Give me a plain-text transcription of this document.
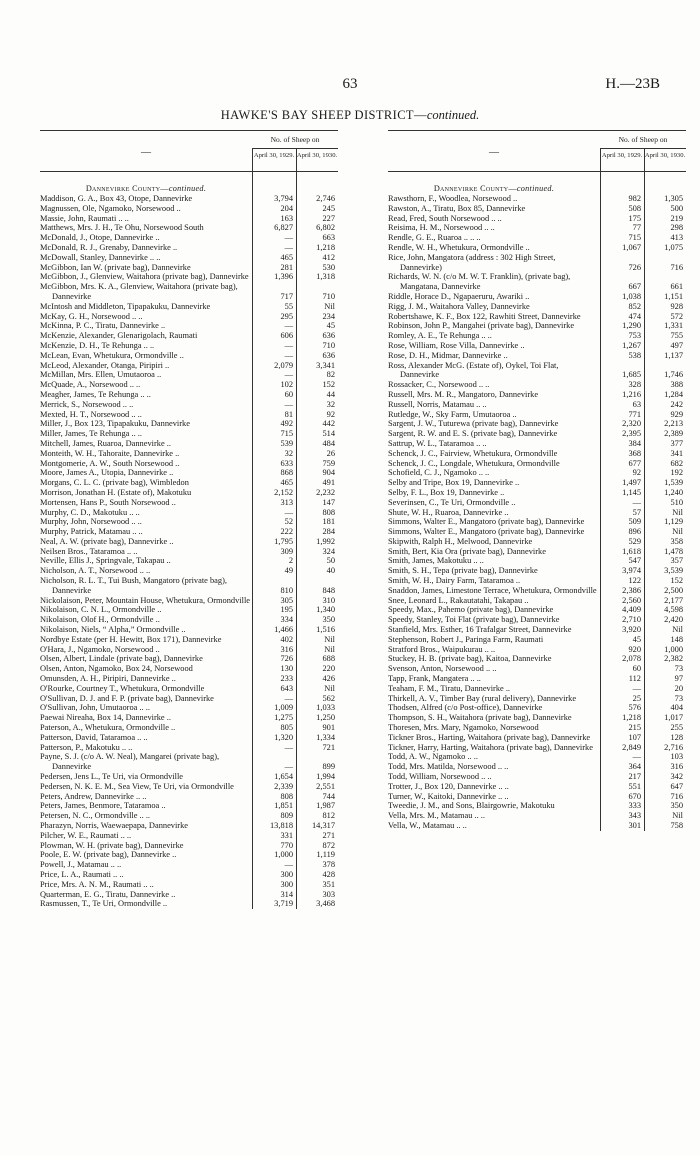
63	H.—23B
HAWKE'S BAY SHEEP DISTRICT—continued.
—
No. of Sheep on
April 30, 1929. April 30, 1930.
Dannevirke County—continued.
Maddison, G. A., Box 43, Otope, Dannevirke	3,794	2,746
Magnussen, Ole, Ngamoko, Norsewood ..	204	245
Massie, John, Raumati .. ..	163	227
Matthews, Mrs. J. H., Te Ohu, Norsewood South	6,827	6,802
McDonald, J., Otope, Dannevirke ..	—	663
McDonald, R. J., Grenaby, Dannevirke ..	—	1,218
McDowall, Stanley, Dannevirke .. ..	465	412
McGibbon, Ian W. (private bag), Dannevirke	281	530
McGibbon, J., Glenview, Waitahora (private bag), Dannevirke	1,396	1,318
McGibbon, Mrs. K. A., Glenview, Waitahora (private bag), Dannevirke	717	710
McIntosh and Middleton, Tipapakuku, Dannevirke	55	Nil
McKay, G. H., Norsewood .. ..	295	234
McKinna, P. C., Tiratu, Dannevirke ..	—	45
McKenzie, Alexander, Glenarigolach, Raumati	606	636
McKenzie, D. H., Te Rehunga .. ..	—	710
McLean, Evan, Whetukura, Ormondville ..	—	636
McLeod, Alexander, Otanga, Piripiri ..	2,079	3,341
McMillan, Mrs. Ellen, Umutaoroa ..	—	82
McQuade, A., Norsewood .. ..	102	152
Meagher, James, Te Rehunga .. ..	60	44
Merrick, S., Norsewood .. ..	—	32
Mexted, H. T., Norsewood .. ..	81	92
Miller, J., Box 123, Tipapakuku, Dannevirke	492	442
Miller, James, Te Rehunga .. ..	715	514
Mitchell, James, Ruaroa, Dannevirke ..	539	484
Monteith, W. H., Tahoraite, Dannevirke ..	32	26
Montgomerie, A. W., South Norsewood ..	633	759
Moore, James A., Utopia, Dannevirke ..	868	904
Morgans, C. L. C. (private bag), Wimbledon	465	491
Morrison, Jonathan H. (Estate of), Makotuku	2,152	2,232
Mortensen, Hans P., South Norsewood ..	313	147
Murphy, C. D., Makotuku .. ..	—	808
Murphy, John, Norsewood .. ..	52	181
Murphy, Patrick, Matamau .. ..	222	284
Neal, A. W. (private bag), Dannevirke ..	1,795	1,992
Neilsen Bros., Tataramoa .. ..	309	324
Neville, Ellis J., Springvale, Takapau ..	2	50
Nicholson, A. T., Norsewood .. ..	49	40
Nicholson, R. L. T., Tui Bush, Mangatoro (private bag), Dannevirke	810	848
Nickolaison, Peter, Mountain House, Whetukura, Ormondville	305	310
Nikolaison, C. N. L., Ormondville ..	195	1,340
Nikolaison, Olof H., Ormondville ..	334	350
Nikolaison, Niels, “ Alpha,” Ormondville ..	1,466	1,516
Nordbye Estate (per H. Hewitt, Box 171), Dannevirke	402	Nil
O'Hara, J., Ngamoko, Norsewood ..	316	Nil
Olsen, Albert, Lindale (private bag), Dannevirke	726	688
Olsen, Anton, Ngamoko, Box 24, Norsewood	130	220
Omunsden, A. H., Piripiri, Dannevirke ..	233	426
O'Rourke, Courtney T., Whetukura, Ormondville	643	Nil
O'Sullivan, D. J. and F. P. (private bag), Dannevirke	—	562
O'Sullivan, John, Umutaoroa .. ..	1,009	1,033
Paewai Nireaha, Box 14, Dannevirke ..	1,275	1,250
Paterson, A., Whetukura, Ormondville ..	805	901
Patterson, David, Tataramoa .. ..	1,320	1,334
Patterson, P., Makotuku .. ..	—	721
Payne, S. J. (c/o A. W. Neal), Mangarei (private bag), Dannevirke	—	899
Pedersen, Jens L., Te Uri, via Ormondville	1,654	1,994
Pedersen, N. K. E. M., Sea View, Te Uri, via Ormondville	2,339	2,551
Peters, Andrew, Dannevirke .. ..	808	744
Peters, James, Benmore, Tataramoa ..	1,851	1,987
Petersen, N. C., Ormondville .. ..	809	812
Pharazyn, Norris, Waewaepapa, Dannevirke	13,818	14,317
Pilcher, W. E., Raumati .. ..	331	271
Plowman, W. H. (private bag), Dannevirke	770	872
Poole, E. W. (private bag), Dannevirke ..	1,000	1,119
Powell, J., Matamau .. ..	—	378
Price, L. A., Raumati .. ..	300	428
Price, Mrs. A. N. M., Raumati .. ..	300	351
Quarterman, E. G., Tiratu, Dannevirke ..	314	303
Rasmussen, T., Te Uri, Ormondville ..	3,719	3,468
—
No. of Sheep on
April 30, 1929. April 30, 1930.
Dannevirke County—continued.
Rawsthorn, F., Woodlea, Norsewood ..	982	1,305
Rawston, A., Tiratu, Box 85, Dannevirke	508	500
Read, Fred, South Norsewood .. ..	175	219
Reisima, H. M., Norsewood .. ..	77	298
Rendle, G. E., Ruaroa .. .. ..	715	413
Rendle, W. H., Whetukura, Ormondville ..	1,067	1,075
Rice, John, Mangatora (address : 302 High Street, Dannevirke)	726	716
Richards, W. N. (c/o M. W. T. Franklin), (private bag), Mangatana, Dannevirke	667	661
Riddle, Horace D., Ngapaeruru, Awariki ..	1,038	1,151
Rigg, J. M., Waitahora Valley, Dannevirke	852	928
Robertshawe, K. F., Box 122, Rawhiti Street, Dannevirke	474	572
Robinson, John P., Mangahei (private bag), Dannevirke	1,290	1,331
Romley, A. E., Te Rehunga .. ..	753	755
Rose, William, Rose Villa, Dannevirke ..	1,267	497
Rose, D. H., Midmar, Dannevirke ..	538	1,137
Ross, Alexander McG. (Estate of), Oykel, Toi Flat, Dannevirke	1,685	1,746
Rossacker, C., Norsewood .. ..	328	388
Russell, Mrs. M. R., Mangatoro, Dannevirke	1,216	1,284
Russell, Norris, Matamau .. ..	63	242
Rutledge, W., Sky Farm, Umutaoroa ..	771	929
Sargent, J. W., Tuturewa (private bag), Dannevirke	2,320	2,213
Sargent, R. W. and E. S. (private bag), Dannevirke	2,395	2,389
Sattrup, W. L., Tataramoa .. ..	384	377
Schenck, J. C., Fairview, Whetukura, Ormondville	368	341
Schenck, J. C., Longdale, Whetukura, Ormondville	677	682
Schofield, C. J., Ngamoko .. ..	92	192
Selby and Tripe, Box 19, Dannevirke ..	1,497	1,539
Selby, F. L., Box 19, Dannevirke ..	1,145	1,240
Severinsen, C., Te Uri, Ormondville ..	—	510
Shute, W. H., Ruaroa, Dannevirke ..	57	Nil
Simmons, Walter E., Mangatoro (private bag), Dannevirke	509	1,129
Simmons, Walter E., Mangatoro (private bag), Dannevirke	896	Nil
Skipwith, Ralph H., Melwood, Dannevirke	529	358
Smith, Bert, Kia Ora (private bag), Dannevirke	1,618	1,478
Smith, James, Makotuku .. ..	547	357
Smith, S. H., Tepa (private bag), Dannevirke	3,974	3,539
Smith, W. H., Dairy Farm, Tataramoa ..	122	152
Snaddon, James, Limestone Terrace, Whetukura, Ormondville	2,386	2,500
Snee, Leonard L., Rakautatahi, Takapau ..	2,560	2,177
Speedy, Max., Pahemo (private bag), Dannevirke	4,409	4,598
Speedy, Stanley, Toi Flat (private bag), Dannevirke	2,710	2,420
Stanfield, Mrs. Esther, 16 Trafalgar Street, Dannevirke	3,920	Nil
Stephenson, Robert J., Paringa Farm, Raumati	45	148
Stratford Bros., Waipukurau .. ..	920	1,000
Stuckey, H. B. (private bag), Kaitoa, Dannevirke	2,078	2,382
Svenson, Anton, Norsewood .. ..	60	73
Tapp, Frank, Mangatera .. ..	112	97
Teaham, F. M., Tiratu, Dannevirke ..	—	20
Thirkell, A. V., Timber Bay (rural delivery), Dannevirke	25	73
Thodsen, Alfred (c/o Post-office), Dannevirke	576	404
Thompson, S. H., Waitahora (private bag), Dannevirke	1,218	1,017
Thoresen, Mrs. Mary, Ngamoko, Norsewood	215	255
Tickner Bros., Harting, Waitahora (private bag), Dannevirke	107	128
Tickner, Harry, Harting, Waitahora (private bag), Dannevirke	2,849	2,716
Todd, A. W., Ngamoko .. ..	—	103
Todd, Mrs. Matilda, Norsewood .. ..	364	316
Todd, William, Norsewood .. ..	217	342
Trotter, J., Box 120, Dannevirke .. ..	551	647
Turner, W., Kaitoki, Dannevirke .. ..	670	716
Tweedie, J. M., and Sons, Blairgowrie, Makotuku	333	350
Vella, Mrs. M., Matamau .. ..	343	Nil
Vella, W., Matamau .. ..	301	758
